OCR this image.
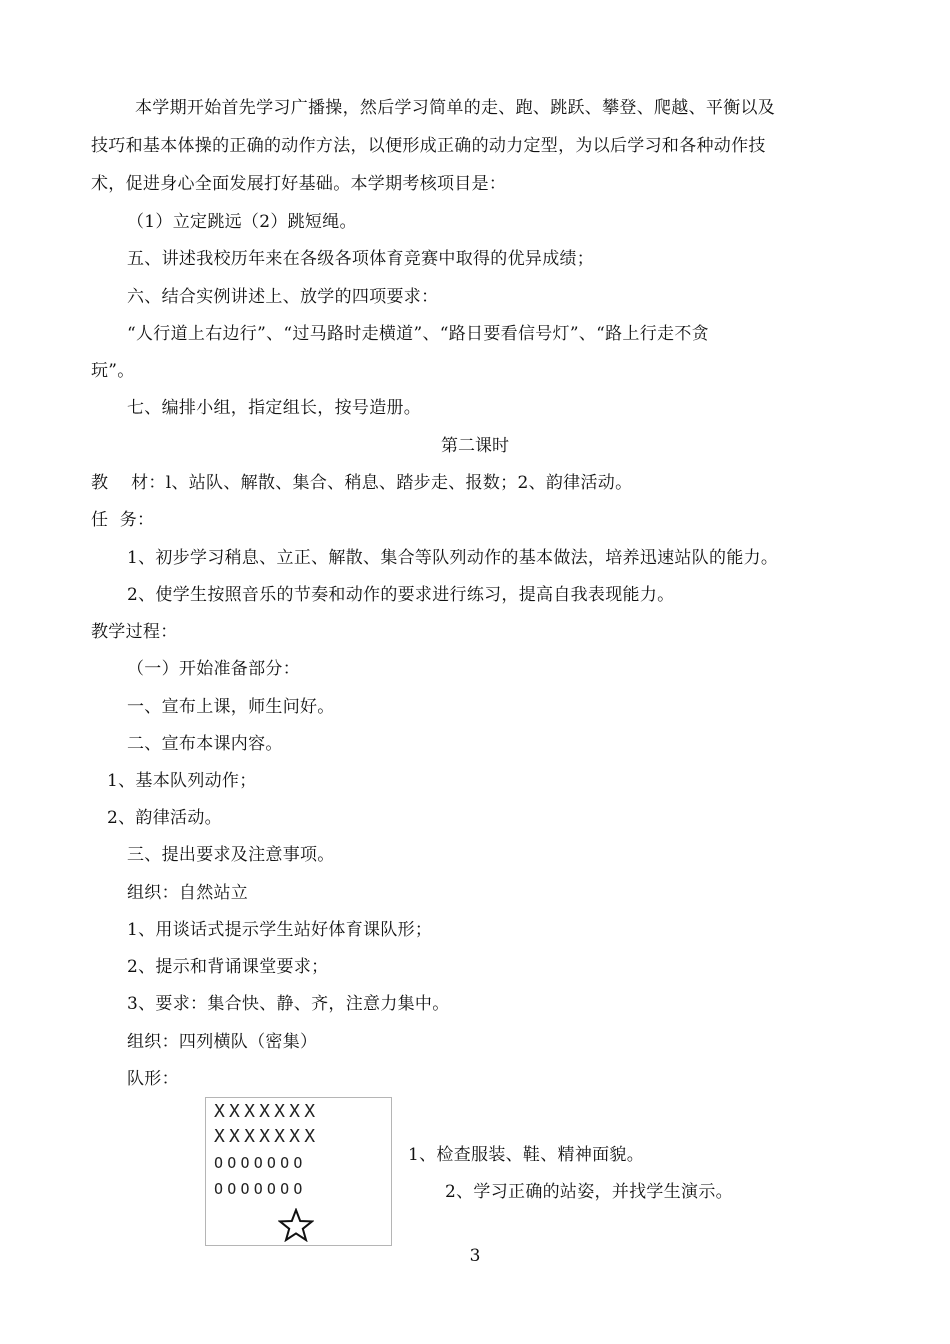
本学期开始首先学习广播操，然后学习简单的走、跑、跳跃、攀登、爬越、平衡以及
技巧和基本体操的正确的动作方法，以便形成正确的动力定型，为以后学习和各种动作技
术，促进身心全面发展打好基础。本学期考核项目是：
（1）立定跳远（2）跳短绳。
五、讲述我校历年来在各级各项体育竞赛中取得的优异成绩；
六、结合实例讲述上、放学的四项要求：
“人行道上右边行”、“过马路时走横道”、“路日要看信号灯”、“路上行走不贪
玩”。
七、编排小组，指定组长，按号造册。
第二课时
教    材：l、站队、解散、集合、稍息、踏步走、报数；2、韵律活动。
任  务：
1、初步学习稍息、立正、解散、集合等队列动作的基本做法，培养迅速站队的能力。
2、使学生按照音乐的节奏和动作的要求进行练习，提高自我表现能力。
教学过程：
（一）开始准备部分：
一、宣布上课，师生问好。
二、宣布本课内容。
1、基本队列动作；
2、韵律活动。
三、提出要求及注意事项。
组织：自然站立
1、用谈话式提示学生站好体育课队形；
2、提示和背诵课堂要求；
3、要求：集合快、静、齐，注意力集中。
组织：四列横队（密集）
队形：
XXXXXXX
XXXXXXX
OOOOOOO
OOOOOOO
1、检查服装、鞋、精神面貌。
2、学习正确的站姿，并找学生演示。
3
